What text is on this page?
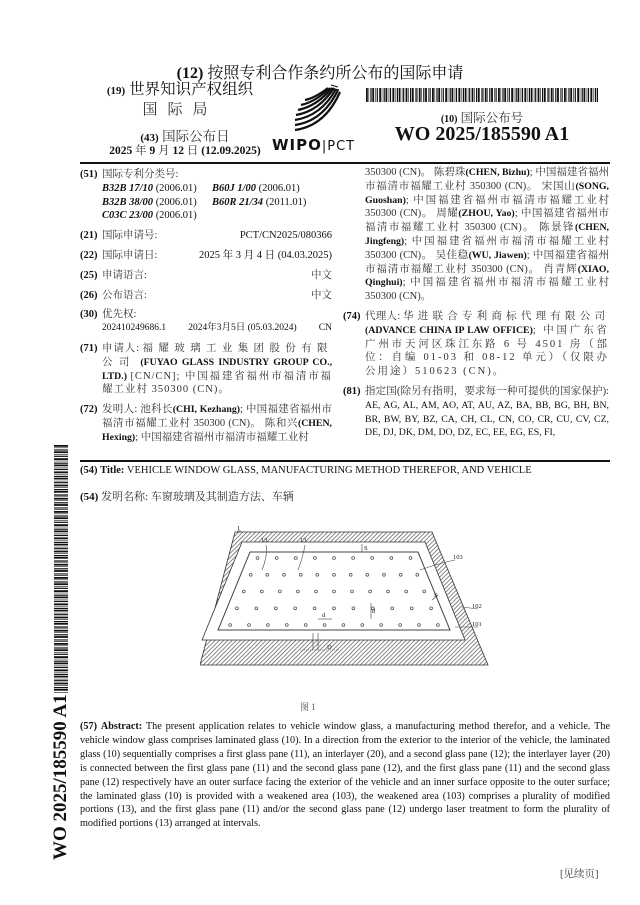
(12) 按照专利合作条约所公布的国际申请
(19) 世界知识产权组织
国际局
(43) 国际公布日
2025 年 9 月 12 日 (12.09.2025) WIPO|PCT
(10) 国际公布号
WO 2025/185590 A1
(51) 国际专利分类号:
B32B 17/10 (2006.01)	B60J 1/00 (2006.01)
B32B 38/00 (2006.01)	B60R 21/34 (2011.01)
C03C 23/00 (2006.01)
(21) 国际申请号:	PCT/CN2025/080366
(22) 国际申请日:	2025 年 3 月 4 日 (04.03.2025)
(25) 申请语言:	中文
(26) 公布语言:	中文
(30) 优先权:
202410249686.1 2024年3月5日 (05.03.2024) CN
(71) 申请人: 福耀玻璃工业集团股份有限公司 (FUYAO GLASS INDUSTRY GROUP CO., LTD.) [CN/CN]; 中国福建省福州市福清市福耀工业村 350300 (CN)。
(72) 发明人: 池科长(CHI, Kezhang); 中国福建省福州市福清市福耀工业村 350300 (CN)。 陈和兴(CHEN, Hexing); 中国福建省福州市福清市福耀工业村
350300 (CN)。 陈碧珠(CHEN, Bizhu); 中国福建省福州市福清市福耀工业村 350300 (CN)。 宋国山(SONG, Guoshan); 中国福建省福州市福清市福耀工业村 350300 (CN)。 周耀(ZHOU, Yao); 中国福建省福州市福清市福耀工业村 350300 (CN)。 陈景锋(CHEN, Jingfeng); 中国福建省福州市福清市福耀工业村 350300 (CN)。 吴佳稳(WU, Jiawen); 中国福建省福州市福清市福耀工业村 350300 (CN)。 肖青辉(XIAO, Qinghui); 中国福建省福州市福清市福耀工业村 350300 (CN)。
(74) 代理人: 华进联合专利商标代理有限公司 (ADVANCE CHINA IP LAW OFFICE); 中国广东省广州市天河区珠江东路 6 号 4501 房（部位：自编 01-03 和 08-12 单元）（仅限办公用途）510623 (CN)。
(81) 指定国(除另有指明，要求每一种可提供的国家保护): AE, AG, AL, AM, AO, AT, AU, AZ, BA, BB, BG, BH, BN, BR, BW, BY, BZ, CA, CH, CL, CN, CO, CR, CU, CV, CZ, DE, DJ, DK, DM, DO, DZ, EC, EE, EG, ES, FI,
(54) Title: VEHICLE WINDOW GLASS, MANUFACTURING METHOD THEREFOR, AND VEHICLE
(54) 发明名称: 车窗玻璃及其制造方法、车辆
1
13	13
S
103
S
102
101
d
d
D
图 1
(57) Abstract: The present application relates to vehicle window glass, a manufacturing method therefor, and a vehicle. The vehicle window glass comprises laminated glass (10). In a direction from the exterior to the interior of the vehicle, the laminated glass (10) sequentially comprises a first glass pane (11), an interlayer (20), and a second glass pane (12); the interlayer layer (20) is connected between the first glass pane (11) and the second glass pane (12), and the first glass pane (11) and the second glass pane (12) respectively have an outer surface facing the exterior of the vehicle and an inner surface opposite to the outer surface; the laminated glass (10) is provided with a weakened area (103), the weakened area (103) comprises a plurality of modified portions (13), and the first glass pane (11) and/or the second glass pane (12) undergo laser treatment to form the plurality of modified portions (13) arranged at intervals.
WO 2025/185590 A1
[见续页]
